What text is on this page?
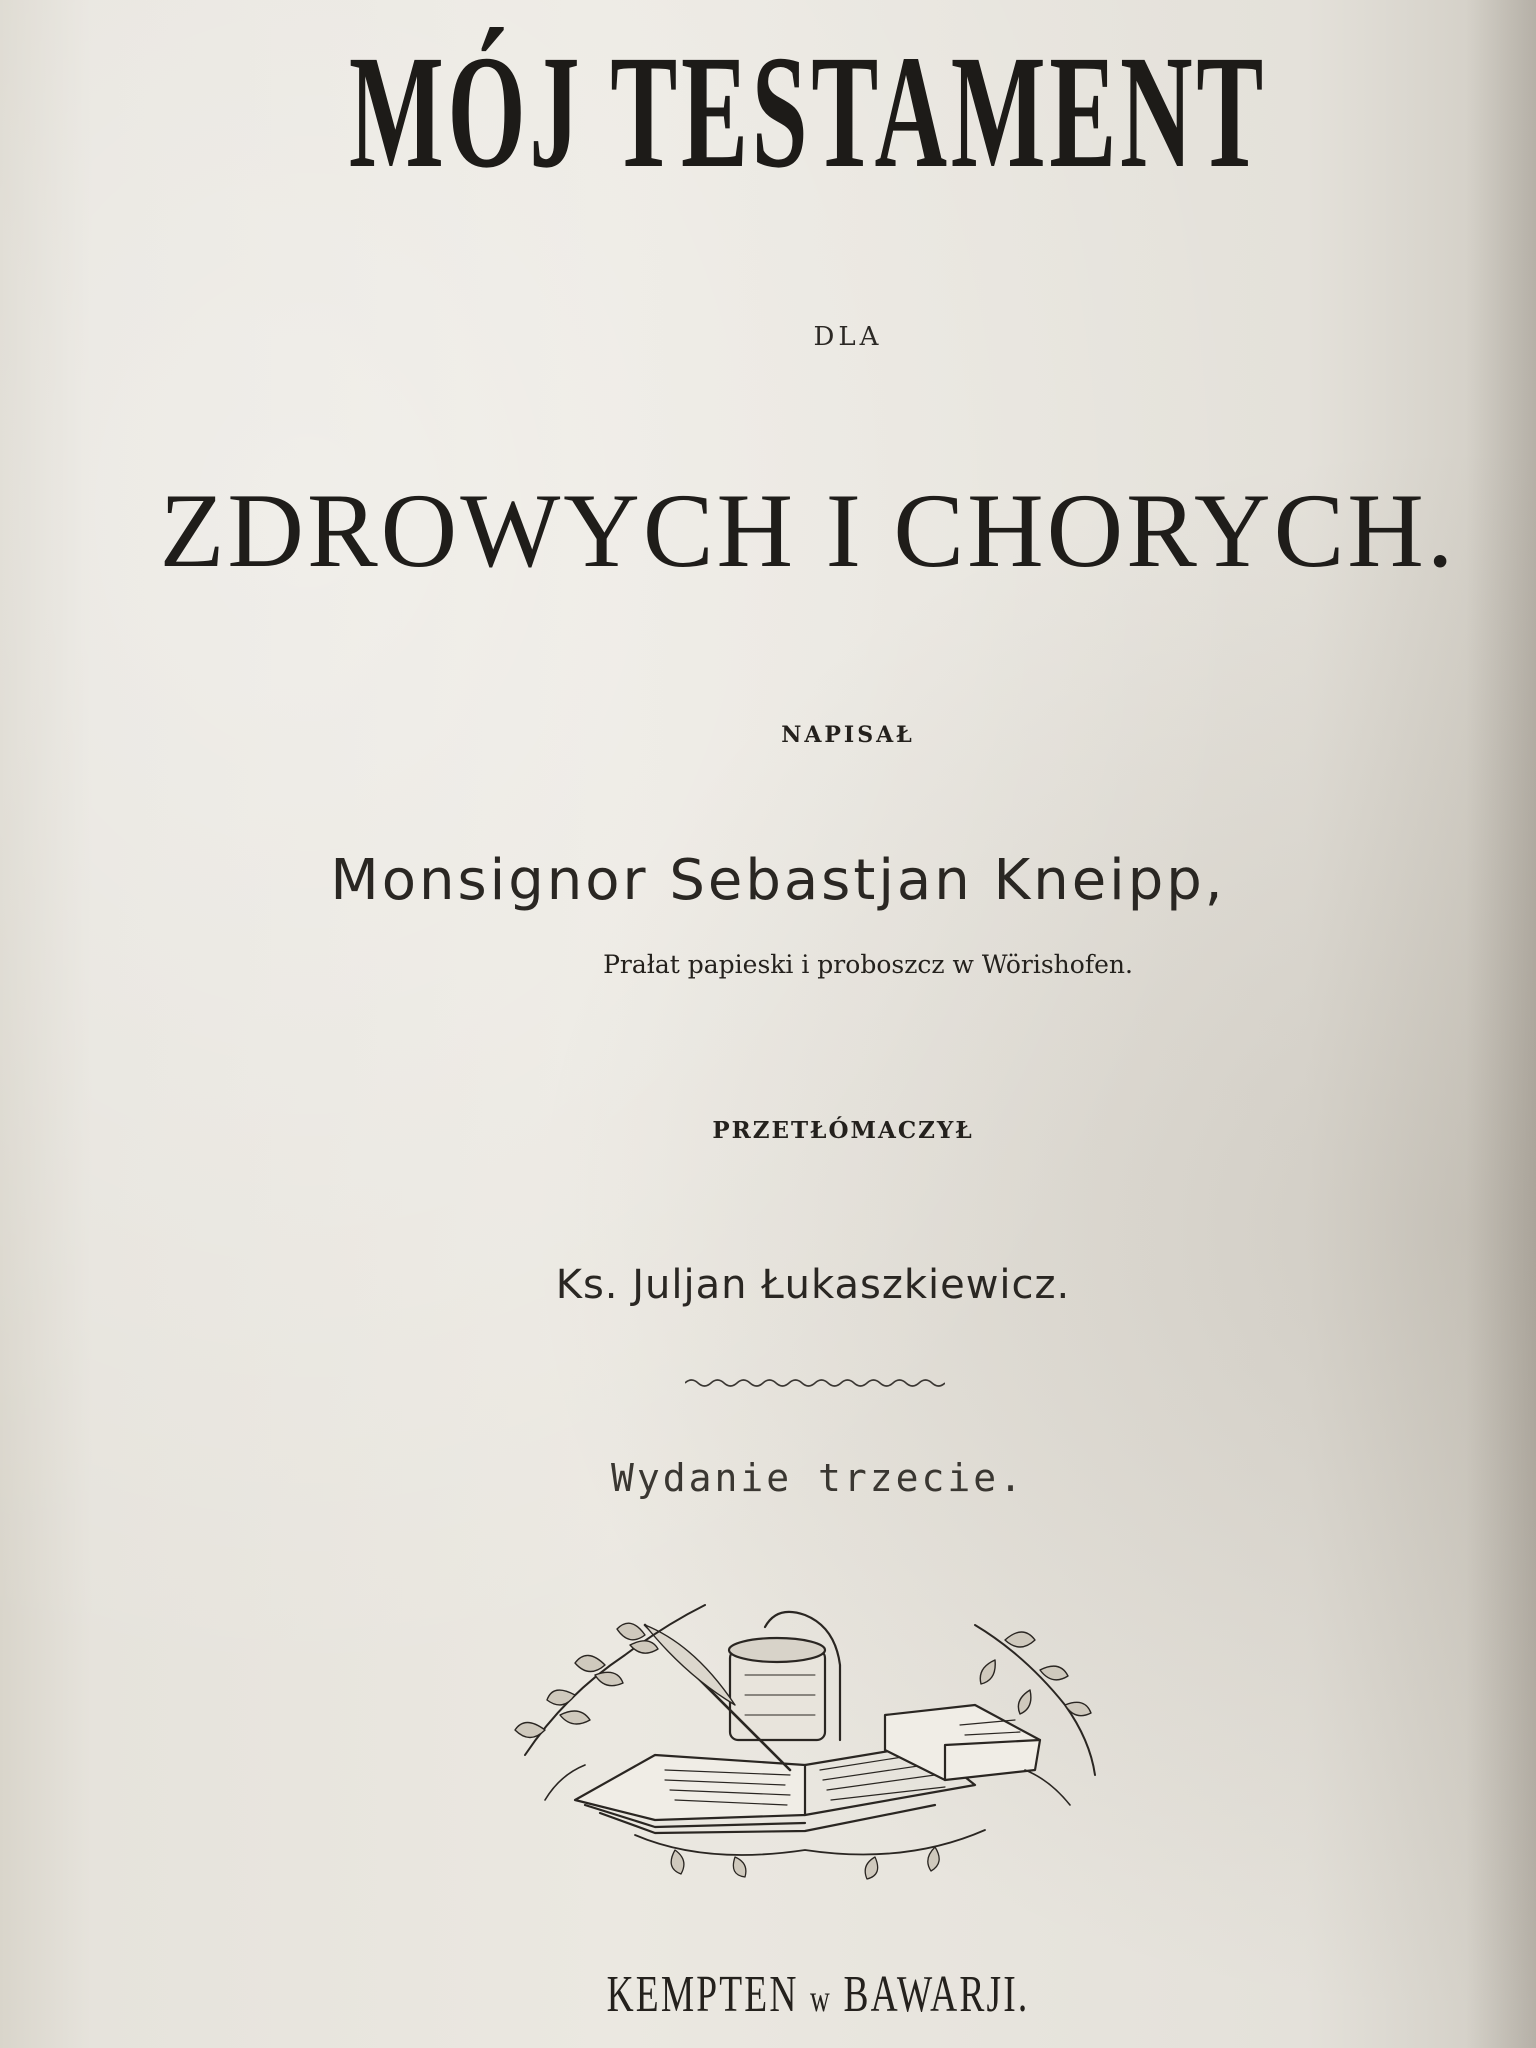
MÓJ TESTAMENT
DLA
ZDROWYCH I CHORYCH.
NAPISAŁ
Monsignor Sebastjan Kneipp,
Prałat papieski i proboszcz w Wörishofen.
PRZETŁÓMACZYŁ
Ks. Juljan Łukaszkiewicz.
Wydanie trzecie.
KEMPTEN w BAWARJI.
